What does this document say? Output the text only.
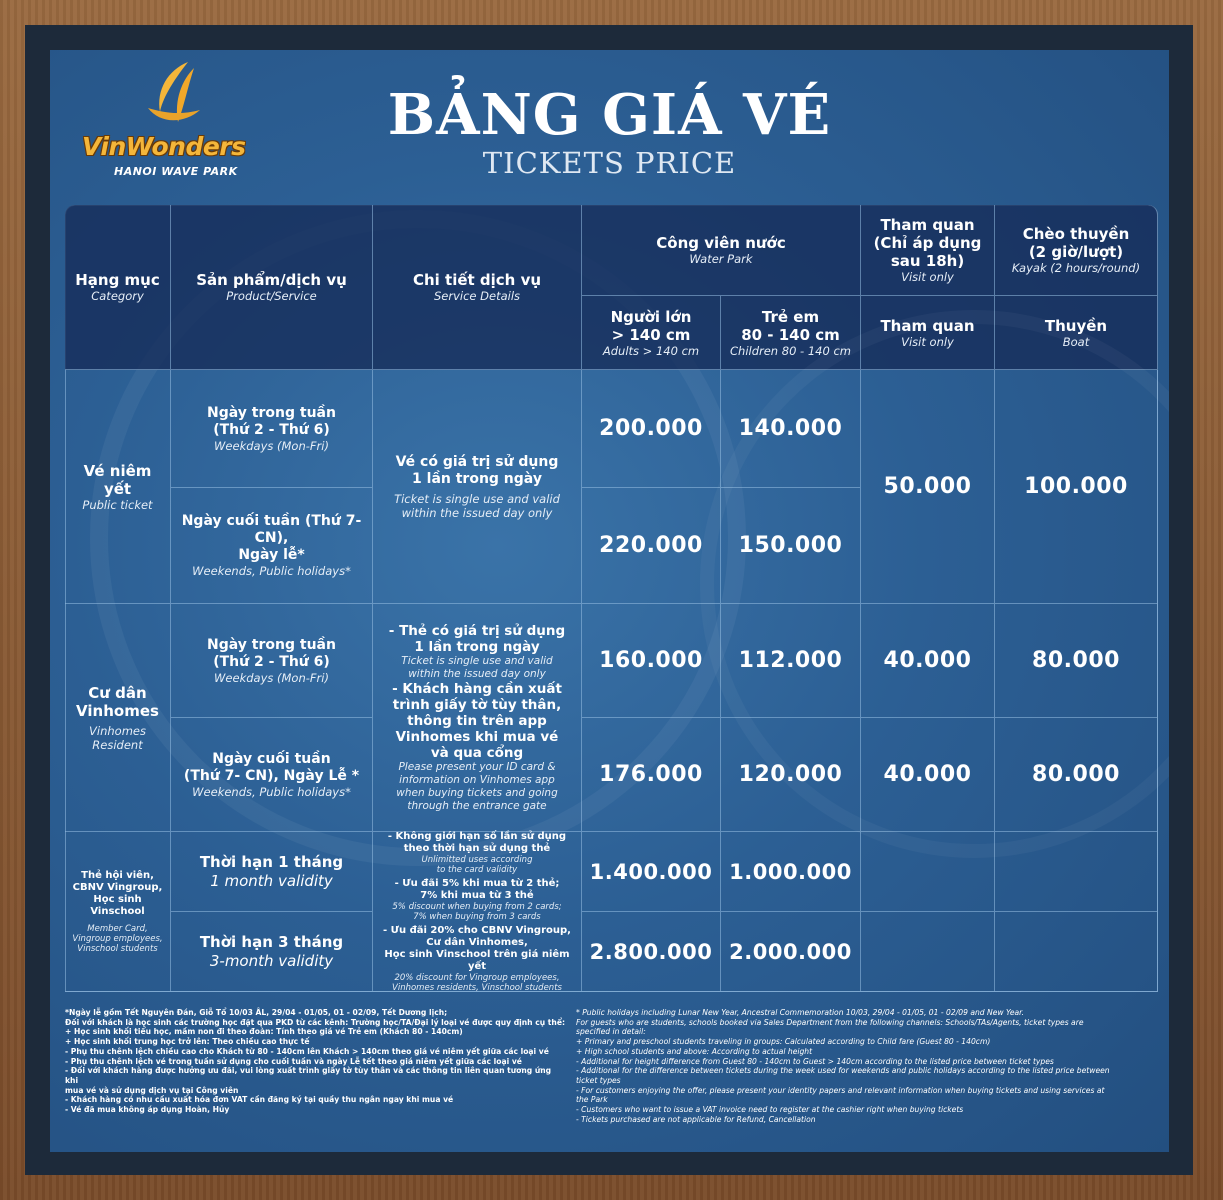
VinWonders
HANOI WAVE PARK
BẢNG GIÁ VÉ
TICKETS PRICE
Hạng mục
Category
Sản phẩm/dịch vụ
Product/Service
Chi tiết dịch vụ
Service Details
Công viên nước
Water Park
Người lớn
> 140 cm
Adults > 140 cm
Trẻ em
80 - 140 cm
Children 80 - 140 cm
Tham quan
(Chỉ áp dụng
sau 18h)
Visit only
Tham quan
Visit only
Chèo thuyền
(2 giờ/lượt)
Kayak (2 hours/round)
Thuyền
Boat
Vé niêm yết
Public ticket
Ngày trong tuần
(Thứ 2 - Thứ 6)
Weekdays (Mon-Fri)
Ngày cuối tuần (Thứ 7- CN),
Ngày lễ*
Weekends, Public holidays*
Vé có giá trị sử dụng
1 lần trong ngày
Ticket is single use and valid
within the issued day only
200.000 140.000
220.000 150.000
50.000 100.000
Cư dân
Vinhomes
Vinhomes
Resident
Ngày trong tuần
(Thứ 2 - Thứ 6)
Weekdays (Mon-Fri)
Ngày cuối tuần
(Thứ 7- CN), Ngày Lễ *
Weekends, Public holidays*
- Thẻ có giá trị sử dụng
1 lần trong ngày
Ticket is single use and valid
within the issued day only
- Khách hàng cần xuất
trình giấy tờ tùy thân,
thông tin trên app
Vinhomes khi mua vé
và qua cổng
Please present your ID card &
information on Vinhomes app
when buying tickets and going
through the entrance gate
160.000 112.000 40.000	80.000
176.000 120.000 40.000	80.000
Thẻ hội viên,
CBNV Vingroup,
Học sinh Vinschool
Member Card,
Vingroup employees,
Vinschool students
Thời hạn 1 tháng
1 month validity
Thời hạn 3 tháng
3-month validity
- Không giới hạn số lần sử dụng
theo thời hạn sử dụng thẻ
Unlimitted uses according
to the card validity
- Ưu đãi 5% khi mua từ 2 thẻ;
7% khi mua từ 3 thẻ
5% discount when buying from 2 cards;
7% when buying from 3 cards
- Ưu đãi 20% cho CBNV Vingroup,
Cư dân Vinhomes,
Học sinh Vinschool trên giá niêm yết
20% discount for Vingroup employees,
Vinhomes residents, Vinschool students
1.400.000 1.000.000
2.800.000 2.000.000
*Ngày lễ gồm Tết Nguyên Đán, Giỗ Tổ 10/03 ÂL, 29/04 - 01/05, 01 - 02/09, Tết Dương lịch;
Đối với khách là học sinh các trường học đặt qua PKD từ các kênh: Trường học/TA/Đại lý loại vé được quy định cụ thể:
+ Học sinh khối tiểu học, mầm non đi theo đoàn: Tính theo giá vé Trẻ em (Khách 80 - 140cm)
+ Học sinh khối trung học trở lên: Theo chiều cao thực tế
- Phụ thu chênh lệch chiều cao cho Khách từ 80 - 140cm lên Khách > 140cm theo giá vé niêm yết giữa các loại vé
- Phụ thu chênh lệch vé trong tuần sử dụng cho cuối tuần và ngày Lễ tết theo giá niêm yết giữa các loại vé
- Đối với khách hàng được hưởng ưu đãi, vui lòng xuất trình giấy tờ tùy thân và các thông tin liên quan tương ứng khi
mua vé và sử dụng dịch vụ tại Công viên
- Khách hàng có nhu cầu xuất hóa đơn VAT cần đăng ký tại quầy thu ngân ngay khi mua vé
- Vé đã mua không áp dụng Hoàn, Hủy
* Public holidays including Lunar New Year, Ancestral Commemoration 10/03, 29/04 - 01/05, 01 - 02/09 and New Year.
For guests who are students, schools booked via Sales Department from the following channels: Schools/TAs/Agents, ticket types are
specified in detail:
+ Primary and preschool students traveling in groups: Calculated according to Child fare (Guest 80 - 140cm)
+ High school students and above: According to actual height
- Additional for height difference from Guest 80 - 140cm to Guest > 140cm according to the listed price between ticket types
- Additional for the difference between tickets during the week used for weekends and public holidays according to the listed price between
ticket types
- For customers enjoying the offer, please present your identity papers and relevant information when buying tickets and using services at
the Park
- Customers who want to issue a VAT invoice need to register at the cashier right when buying tickets
- Tickets purchased are not applicable for Refund, Cancellation
